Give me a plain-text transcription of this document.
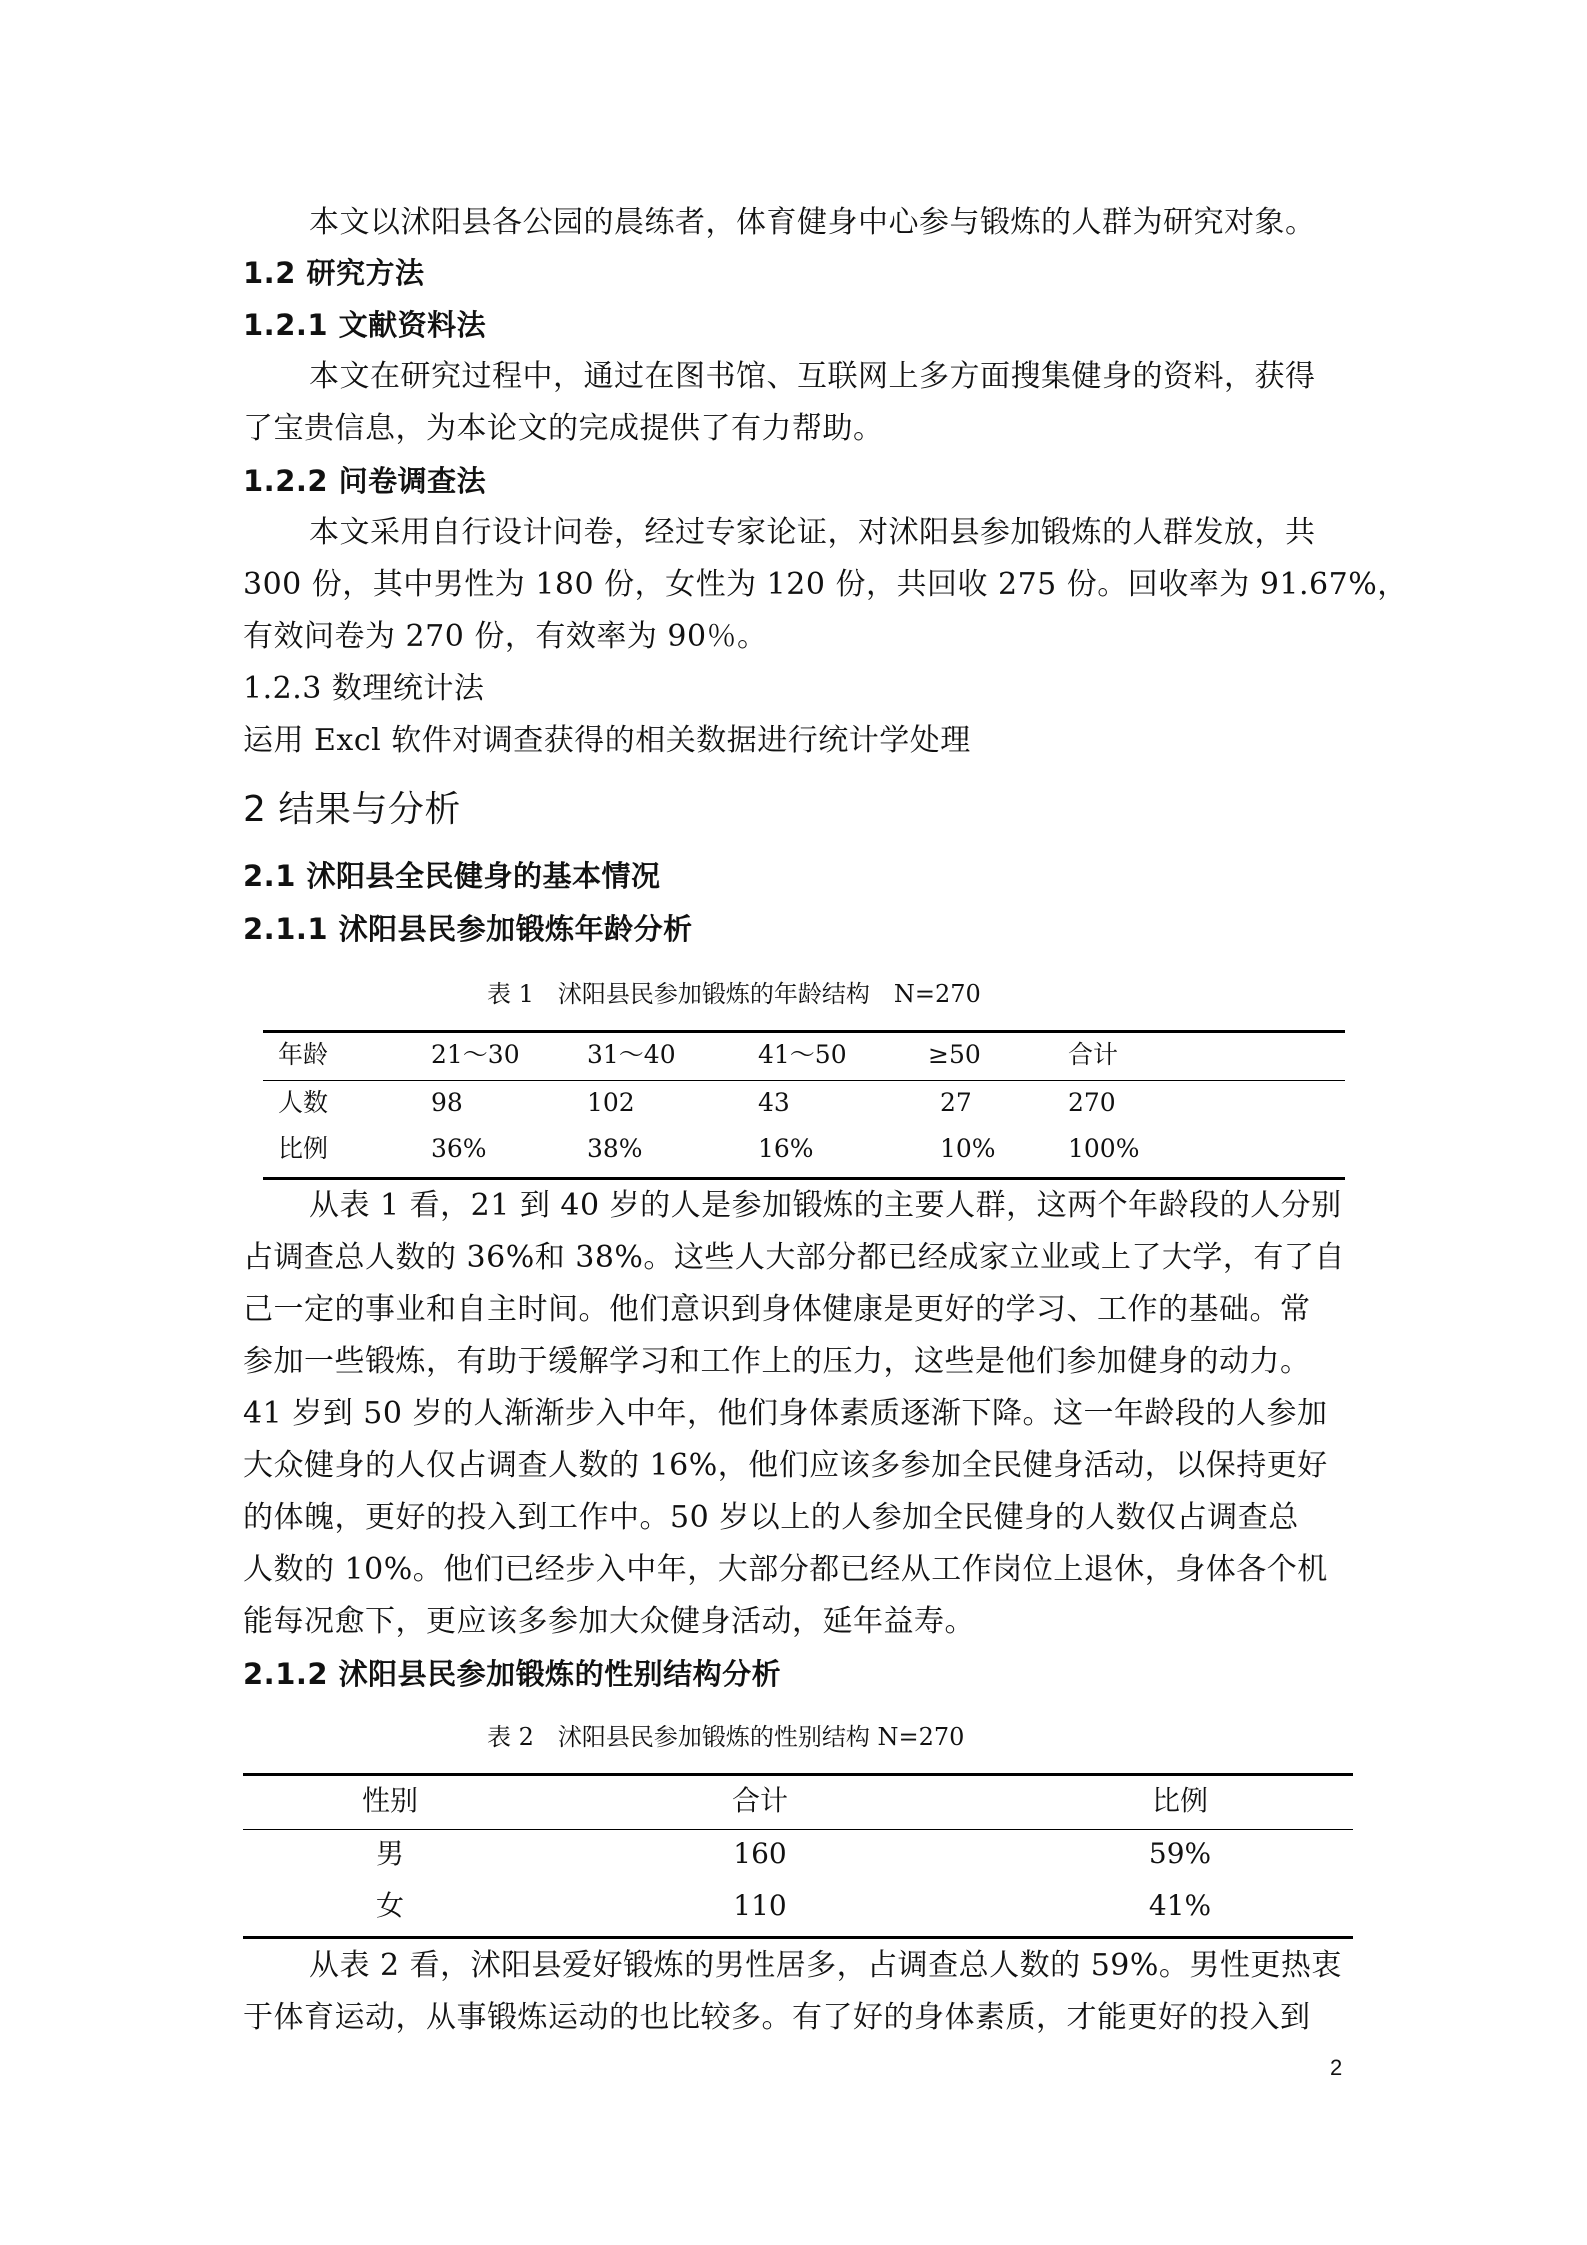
本文以沭阳县各公园的晨练者，体育健身中心参与锻炼的人群为研究对象。
1.2 研究方法
1.2.1 文献资料法
本文在研究过程中，通过在图书馆、互联网上多方面搜集健身的资料，获得
了宝贵信息，为本论文的完成提供了有力帮助。
1.2.2 问卷调查法
本文采用自行设计问卷，经过专家论证，对沭阳县参加锻炼的人群发放，共
300 份，其中男性为 180 份，女性为 120 份，共回收 275 份。回收率为 91.67%，
有效问卷为 270 份，有效率为 90％。
1.2.3 数理统计法
运用 Excl 软件对调查获得的相关数据进行统计学处理
2 结果与分析
2.1 沭阳县全民健身的基本情况
2.1.1 沭阳县民参加锻炼年龄分析
表 1　沭阳县民参加锻炼的年龄结构　N=270
年龄	21～30	31～40	41～50	≥50	合计
人数	98	102	43	27	270
比例	36%	38%	16%	10%	100%
从表 1 看，21 到 40 岁的人是参加锻炼的主要人群，这两个年龄段的人分别
占调查总人数的 36%和 38%。这些人大部分都已经成家立业或上了大学，有了自
己一定的事业和自主时间。他们意识到身体健康是更好的学习、工作的基础。常
参加一些锻炼，有助于缓解学习和工作上的压力，这些是他们参加健身的动力。
41 岁到 50 岁的人渐渐步入中年，他们身体素质逐渐下降。这一年龄段的人参加
大众健身的人仅占调查人数的 16%，他们应该多参加全民健身活动，以保持更好
的体魄，更好的投入到工作中。50 岁以上的人参加全民健身的人数仅占调查总
人数的 10%。他们已经步入中年，大部分都已经从工作岗位上退休，身体各个机
能每况愈下，更应该多参加大众健身活动，延年益寿。
2.1.2 沭阳县民参加锻炼的性别结构分析
表 2　沭阳县民参加锻炼的性别结构 N=270
性别	合计	比例
男	160	59%
女	110	41%
从表 2 看，沭阳县爱好锻炼的男性居多，占调查总人数的 59%。男性更热衷
于体育运动，从事锻炼运动的也比较多。有了好的身体素质，才能更好的投入到
2
